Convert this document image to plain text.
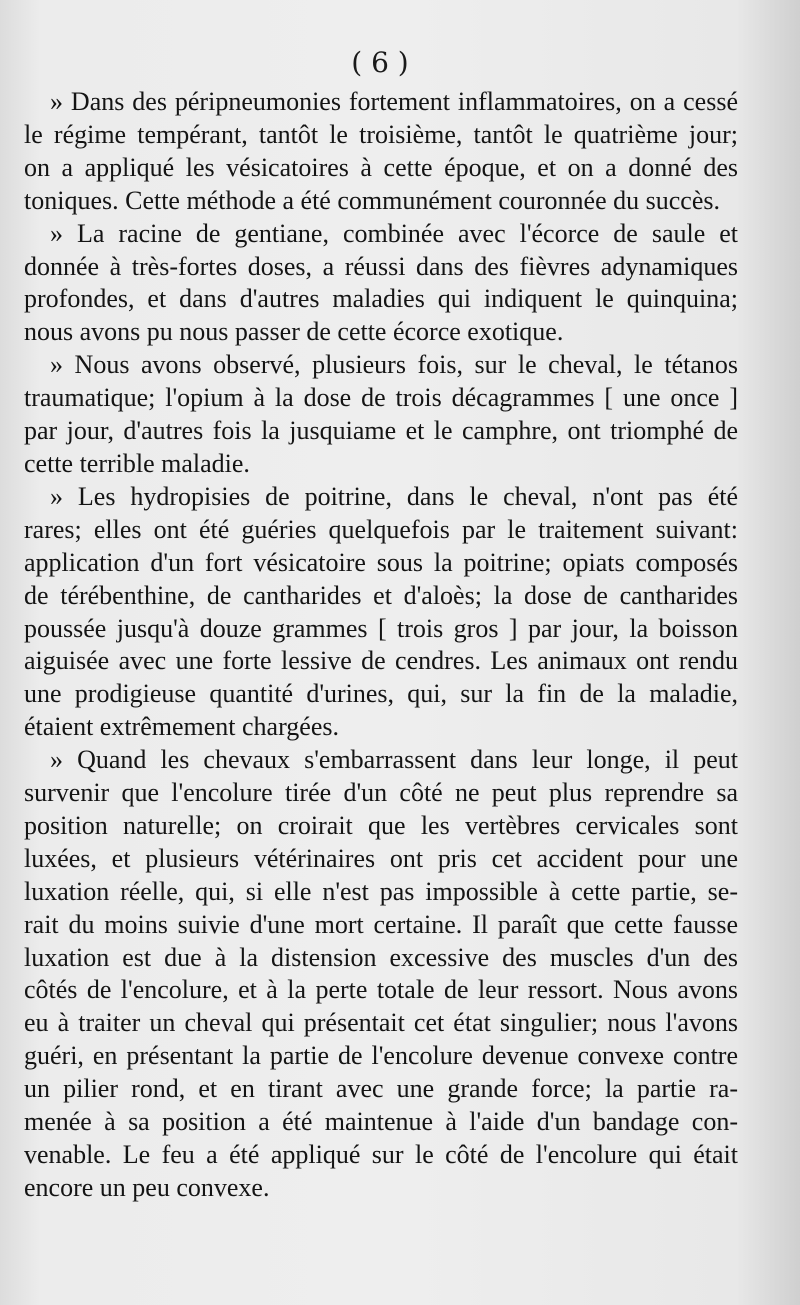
( 6 )
» Dans des péripneumonies fortement inflammatoires, on a cessé
le régime tempérant, tantôt le troisième, tantôt le quatrième jour;
on a appliqué les vésicatoires à cette époque, et on a donné des
toniques. Cette méthode a été communément couronnée du succès.
» La racine de gentiane, combinée avec l'écorce de saule et
donnée à très-fortes doses, a réussi dans des fièvres adynamiques
profondes, et dans d'autres maladies qui indiquent le quinquina;
nous avons pu nous passer de cette écorce exotique.
» Nous avons observé, plusieurs fois, sur le cheval, le tétanos
traumatique; l'opium à la dose de trois décagrammes [ une once ]
par jour, d'autres fois la jusquiame et le camphre, ont triomphé de
cette terrible maladie.
» Les hydropisies de poitrine, dans le cheval, n'ont pas été
rares; elles ont été guéries quelquefois par le traitement suivant:
application d'un fort vésicatoire sous la poitrine; opiats composés
de térébenthine, de cantharides et d'aloès; la dose de cantharides
poussée jusqu'à douze grammes [ trois gros ] par jour, la boisson
aiguisée avec une forte lessive de cendres. Les animaux ont rendu
une prodigieuse quantité d'urines, qui, sur la fin de la maladie,
étaient extrêmement chargées.
» Quand les chevaux s'embarrassent dans leur longe, il peut
survenir que l'encolure tirée d'un côté ne peut plus reprendre sa
position naturelle; on croirait que les vertèbres cervicales sont
luxées, et plusieurs vétérinaires ont pris cet accident pour une
luxation réelle, qui, si elle n'est pas impossible à cette partie, se-
rait du moins suivie d'une mort certaine. Il paraît que cette fausse
luxation est due à la distension excessive des muscles d'un des
côtés de l'encolure, et à la perte totale de leur ressort. Nous avons
eu à traiter un cheval qui présentait cet état singulier; nous l'avons
guéri, en présentant la partie de l'encolure devenue convexe contre
un pilier rond, et en tirant avec une grande force; la partie ra-
menée à sa position a été maintenue à l'aide d'un bandage con-
venable. Le feu a été appliqué sur le côté de l'encolure qui était
encore un peu convexe.
